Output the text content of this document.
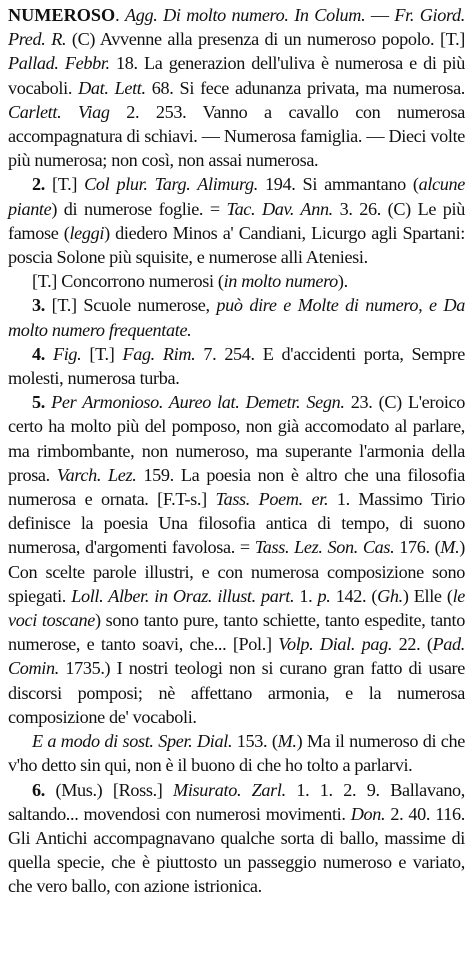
NUMEROSO. Agg. Di molto numero. In Colum. — Fr. Giord. Pred. R. (C) Avvenne alla presenza di un numeroso popolo. [T.] Pallad. Febbr. 18. La generazion dell'uliva è numerosa e di più vocaboli. Dat. Lett. 68. Si fece adunanza privata, ma numerosa. Carlett. Viag 2. 253. Vanno a cavallo con numerosa accompagnatura di schiavi. — Numerosa famiglia. — Dieci volte più numerosa; non così, non assai numerosa.

2. [T.] Col plur. Targ. Alimurg. 194. Si ammantano (alcune piante) di numerose foglie. = Tac. Dav. Ann. 3. 26. (C) Le più famose (leggi) diedero Minos a' Candiani, Licurgo agli Spartani: poscia Solone più squisite, e numerose alli Ateniesi.

[T.] Concorrono numerosi (in molto numero).

3. [T.] Scuole numerose, può dire e Molte di numero, e Da molto numero frequentate.

4. Fig. [T.] Fag. Rim. 7. 254. E d'accidenti porta, Sempre molesti, numerosa turba.

5. Per Armonioso. Aureo lat. Demetr. Segn. 23. (C) L'eroico certo ha molto più del pomposo, non già accomodato al parlare, ma rimbombante, non numeroso, ma superante l'armonia della prosa. Varch. Lez. 159. La poesia non è altro che una filosofia numerosa e ornata. [F.T-s.] Tass. Poem. er. 1. Massimo Tirio definisce la poesia Una filosofia antica di tempo, di suono numerosa, d'argomenti favolosa. = Tass. Lez. Son. Cas. 176. (M.) Con scelte parole illustri, e con numerosa composizione sono spiegati. Loll. Alber. in Oraz. illust. part. 1. p. 142. (Gh.) Elle (le voci toscane) sono tanto pure, tanto schiette, tanto espedite, tanto numerose, e tanto soavi, che... [Pol.] Volp. Dial. pag. 22. (Pad. Comin. 1735.) I nostri teologi non si curano gran fatto di usare discorsi pomposi; nè affettano armonia, e la numerosa composizione de' vocaboli.

E a modo di sost. Sper. Dial. 153. (M.) Ma il numeroso di che v'ho detto sin qui, non è il buono di che ho tolto a parlarvi.

6. (Mus.) [Ross.] Misurato. Zarl. 1. 1. 2. 9. Ballavano, saltando... movendosi con numerosi movimenti. Don. 2. 40. 116. Gli Antichi accompagnavano qualche sorta di ballo, massime di quella specie, che è piuttosto un passeggio numeroso e variato, che vero ballo, con azione istrionica.
